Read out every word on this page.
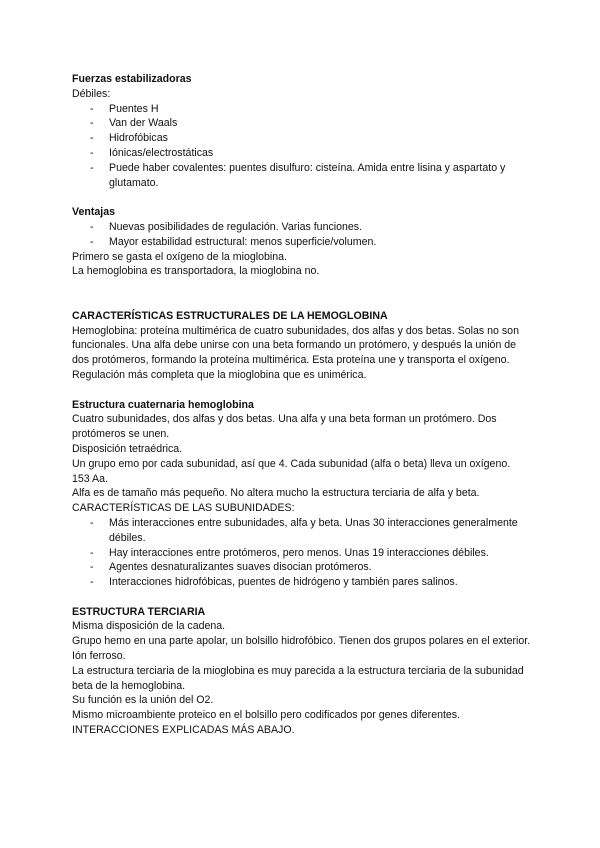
Fuerzas estabilizadoras
Débiles:
- Puentes H
- Van der Waals
- Hidrofóbicas
- Iónicas/electrostáticas
- Puede haber covalentes: puentes disulfuro: cisteína. Amida entre lisina y aspartato y glutamato.
Ventajas
- Nuevas posibilidades de regulación. Varias funciones.
- Mayor estabilidad estructural: menos superficie/volumen.
Primero se gasta el oxígeno de la mioglobina.
La hemoglobina es transportadora, la mioglobina no.
CARACTERÍSTICAS ESTRUCTURALES DE LA HEMOGLOBINA
Hemoglobina: proteína multimérica de cuatro subunidades, dos alfas y dos betas. Solas no son funcionales. Una alfa debe unirse con una beta formando un protómero, y después la unión de dos protómeros, formando la proteína multimérica. Esta proteína une y transporta el oxígeno. Regulación más completa que la mioglobina que es unimérica.
Estructura cuaternaria hemoglobina
Cuatro subunidades, dos alfas y dos betas. Una alfa y una beta forman un protómero. Dos protómeros se unen.
Disposición tetraédrica.
Un grupo emo por cada subunidad, así que 4. Cada subunidad (alfa o beta) lleva un oxígeno.
153 Aa.
Alfa es de tamaño más pequeño. No altera mucho la estructura terciaria de alfa y beta.
CARACTERÍSTICAS DE LAS SUBUNIDADES:
- Más interacciones entre subunidades, alfa y beta. Unas 30 interacciones generalmente débiles.
- Hay interacciones entre protómeros, pero menos. Unas 19 interacciones débiles.
- Agentes desnaturalizantes suaves disocian protómeros.
- Interacciones hidrofóbicas, puentes de hidrógeno y también pares salinos.
ESTRUCTURA TERCIARIA
Misma disposición de la cadena.
Grupo hemo en una parte apolar, un bolsillo hidrofóbico. Tienen dos grupos polares en el exterior. Ión ferroso.
La estructura terciaria de la mioglobina es muy parecida a la estructura terciaria de la subunidad beta de la hemoglobina.
Su función es la unión del O2.
Mismo microambiente proteico en el bolsillo pero codificados por genes diferentes.
INTERACCIONES EXPLICADAS MÁS ABAJO.
